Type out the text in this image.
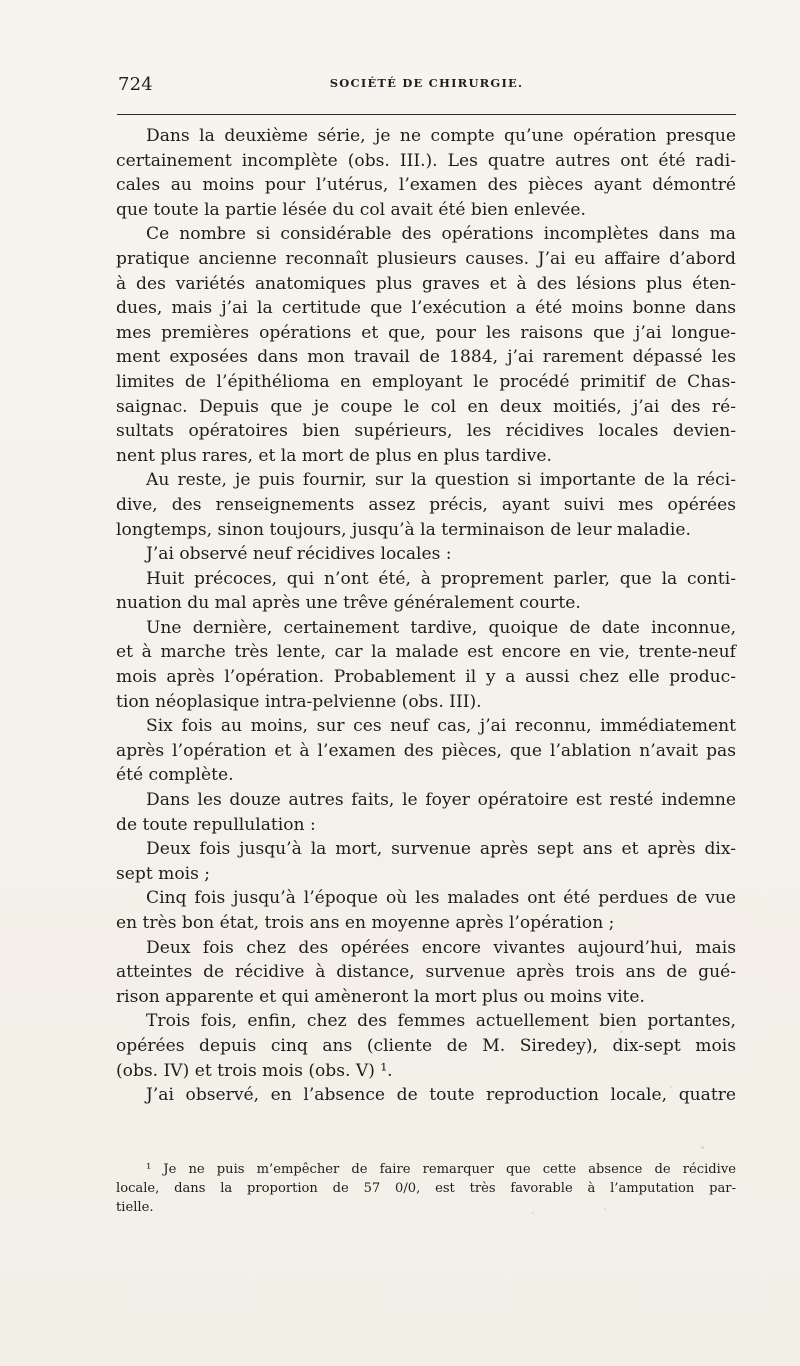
724	SOCIÉTÉ DE CHIRURGIE.
Dans la deuxième série, je ne compte qu’une opération presque
certainement incomplète (obs. III.). Les quatre autres ont été radi-
cales au moins pour l’utérus, l’examen des pièces ayant démontré
que toute la partie lésée du col avait été bien enlevée.
Ce nombre si considérable des opérations incomplètes dans ma
pratique ancienne reconnaît plusieurs causes. J’ai eu affaire d’abord
à des variétés anatomiques plus graves et à des lésions plus éten-
dues, mais j’ai la certitude que l’exécution a été moins bonne dans
mes premières opérations et que, pour les raisons que j’ai longue-
ment exposées dans mon travail de 1884, j’ai rarement dépassé les
limites de l’épithélioma en employant le procédé primitif de Chas-
saignac. Depuis que je coupe le col en deux moitiés, j’ai des ré-
sultats opératoires bien supérieurs, les récidives locales devien-
nent plus rares, et la mort de plus en plus tardive.
Au reste, je puis fournir, sur la question si importante de la réci-
dive, des renseignements assez précis, ayant suivi mes opérées
longtemps, sinon toujours, jusqu’à la terminaison de leur maladie.
J’ai observé neuf récidives locales :
Huit précoces, qui n’ont été, à proprement parler, que la conti-
nuation du mal après une trêve généralement courte.
Une dernière, certainement tardive, quoique de date inconnue,
et à marche très lente, car la malade est encore en vie, trente-neuf
mois après l’opération. Probablement il y a aussi chez elle produc-
tion néoplasique intra-pelvienne (obs. III).
Six fois au moins, sur ces neuf cas, j’ai reconnu, immédiatement
après l’opération et à l’examen des pièces, que l’ablation n’avait pas
été complète.
Dans les douze autres faits, le foyer opératoire est resté indemne
de toute repullulation :
Deux fois jusqu’à la mort, survenue après sept ans et après dix-
sept mois ;
Cinq fois jusqu’à l’époque où les malades ont été perdues de vue
en très bon état, trois ans en moyenne après l’opération ;
Deux fois chez des opérées encore vivantes aujourd’hui, mais
atteintes de récidive à distance, survenue après trois ans de gué-
rison apparente et qui amèneront la mort plus ou moins vite.
Trois fois, enfin, chez des femmes actuellement bien portantes,
opérées depuis cinq ans (cliente de M. Siredey), dix-sept mois
(obs. IV) et trois mois (obs. V) ¹.
J’ai observé, en l’absence de toute reproduction locale, quatre
¹ Je ne puis m’empêcher de faire remarquer que cette absence de récidive
locale, dans la proportion de 57 0/0, est très favorable à l’amputation par-
tielle.
